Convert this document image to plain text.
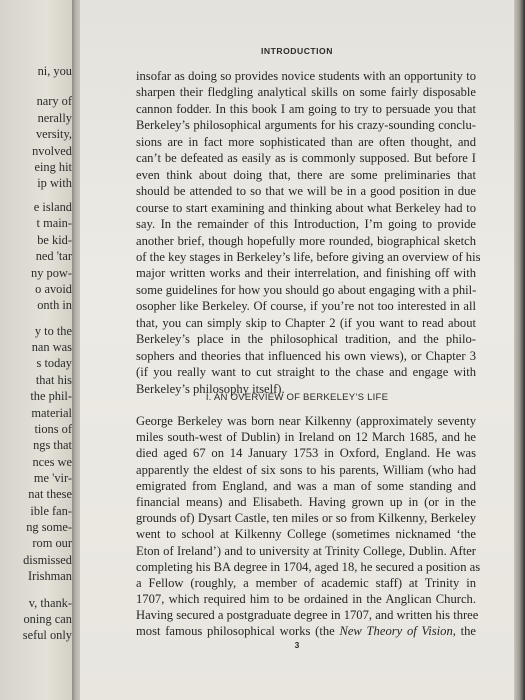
ni, you
nary of
nerally
versity,
nvolved
eing hit
ip with
e island
t main-
be kid-
ned 'tar
ny pow-
o avoid
onth in
y to the
nan was
s today
that his
the phil-
material
tions of
ngs that
nces we
me 'vir-
nat these
ible fan-
ng some-
rom our
dismissed
Irishman
v, thank-
oning can
seful only
INTRODUCTION
insofar as doing so provides novice students with an opportunity to
sharpen their fledgling analytical skills on some fairly disposable
cannon fodder. In this book I am going to try to persuade you that
Berkeley’s philosophical arguments for his crazy-sounding conclu-
sions are in fact more sophisticated than are often thought, and
can’t be defeated as easily as is commonly supposed. But before I
even think about doing that, there are some preliminaries that
should be attended to so that we will be in a good position in due
course to start examining and thinking about what Berkeley had to
say. In the remainder of this Introduction, I’m going to provide
another brief, though hopefully more rounded, biographical sketch
of the key stages in Berkeley’s life, before giving an overview of his
major written works and their interrelation, and finishing off with
some guidelines for how you should go about engaging with a phil-
osopher like Berkeley. Of course, if you’re not too interested in all
that, you can simply skip to Chapter 2 (if you want to read about
Berkeley’s place in the philosophical tradition, and the philo-
sophers and theories that influenced his own views), or Chapter 3
(if you really want to cut straight to the chase and engage with
Berkeley’s philosophy itself).
I. AN OVERVIEW OF BERKELEY’S LIFE
George Berkeley was born near Kilkenny (approximately seventy
miles south-west of Dublin) in Ireland on 12 March 1685, and he
died aged 67 on 14 January 1753 in Oxford, England. He was
apparently the eldest of six sons to his parents, William (who had
emigrated from England, and was a man of some standing and
financial means) and Elisabeth. Having grown up in (or in the
grounds of) Dysart Castle, ten miles or so from Kilkenny, Berkeley
went to school at Kilkenny College (sometimes nicknamed ‘the
Eton of Ireland’) and to university at Trinity College, Dublin. After
completing his BA degree in 1704, aged 18, he secured a position as
a Fellow (roughly, a member of academic staff) at Trinity in
1707, which required him to be ordained in the Anglican Church.
Having secured a postgraduate degree in 1707, and written his three
most famous philosophical works (the New Theory of Vision, the
3
